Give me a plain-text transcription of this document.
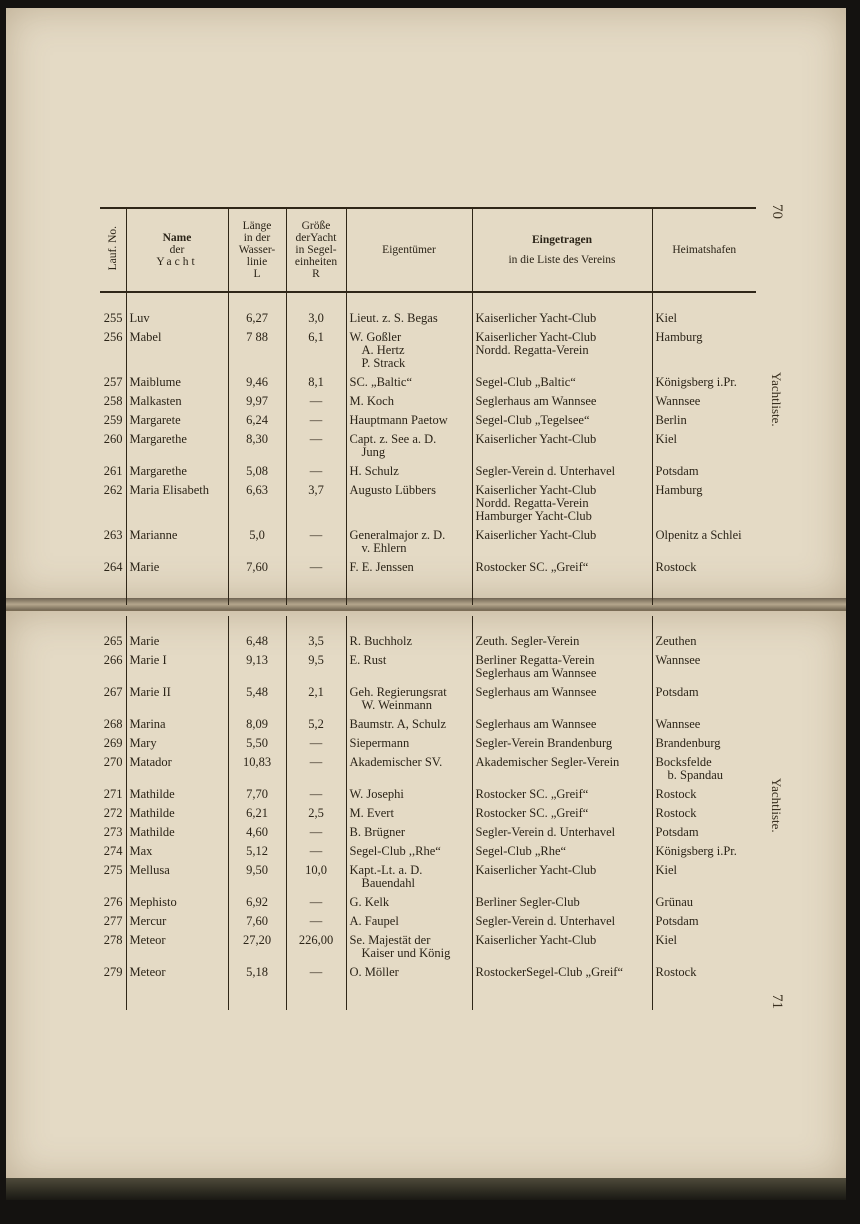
70
Yachtliste.
Yachtliste.
71
Lauf. No.	Name
der
Yacht	Länge
in der
Wasser-
linie
L	Größe
derYacht
in Segel-
einheiten
R	Eigentümer	Eingetragen
in die Liste des Vereins	Heimatshafen

255	Luv	6,27	3,0	Lieut. z. S. Begas	Kaiserlicher Yacht-Club	Kiel

256	Mabel	7 88	6,1	W. Goßler
A. Hertz
P. Strack	Kaiserlicher Yacht-Club
Nordd. Regatta-Verein	Hamburg

257	Maiblume	9,46	8,1	SC. „Baltic“	Segel-Club „Baltic“	Königsberg i.Pr.

258	Malkasten	9,97	—	M. Koch	Seglerhaus am Wannsee	Wannsee

259	Margarete	6,24	—	Hauptmann Paetow	Segel-Club „Tegelsee“	Berlin

260	Margarethe	8,30	—	Capt. z. See a. D.
Jung	Kaiserlicher Yacht-Club	Kiel

261	Margarethe	5,08	—	H. Schulz	Segler-Verein d. Unterhavel	Potsdam

262	Maria Elisabeth	6,63	3,7	Augusto Lübbers	Kaiserlicher Yacht-Club
Nordd. Regatta-Verein
Hamburger Yacht-Club	Hamburg

263	Marianne	5,0	—	Generalmajor z. D.
v. Ehlern	Kaiserlicher Yacht-Club	Olpenitz a Schlei

264	Marie	7,60	—	F. E. Jenssen	Rostocker SC. „Greif“	Rostock

265	Marie	6,48	3,5	R. Buchholz	Zeuth. Segler-Verein	Zeuthen

266	Marie I	9,13	9,5	E. Rust	Berliner Regatta-Verein
Seglerhaus am Wannsee	Wannsee

267	Marie II	5,48	2,1	Geh. Regierungsrat
W. Weinmann	Seglerhaus am Wannsee	Potsdam

268	Marina	8,09	5,2	Baumstr. A, Schulz	Seglerhaus am Wannsee	Wannsee

269	Mary	5,50	—	Siepermann	Segler-Verein Brandenburg	Brandenburg

270	Matador	10,83	—	Akademischer SV.	Akademischer Segler-Verein	Bocksfelde
b. Spandau

271	Mathilde	7,70	—	W. Josephi	Rostocker SC. „Greif“	Rostock

272	Mathilde	6,21	2,5	M. Evert	Rostocker SC. „Greif“	Rostock

273	Mathilde	4,60	—	B. Brügner	Segler-Verein d. Unterhavel	Potsdam

274	Max	5,12	—	Segel-Club ,,Rhe“	Segel-Club „Rhe“	Königsberg i.Pr.

275	Mellusa	9,50	10,0	Kapt.-Lt. a. D.
Bauendahl	Kaiserlicher Yacht-Club	Kiel

276	Mephisto	6,92	—	G. Kelk	Berliner Segler-Club	Grünau

277	Mercur	7,60	—	A. Faupel	Segler-Verein d. Unterhavel	Potsdam

278	Meteor	27,20	226,00	Se. Majestät der
Kaiser und König	Kaiserlicher Yacht-Club	Kiel

279	Meteor	5,18	—	O. Möller	RostockerSegel-Club „Greif“	Rostock
